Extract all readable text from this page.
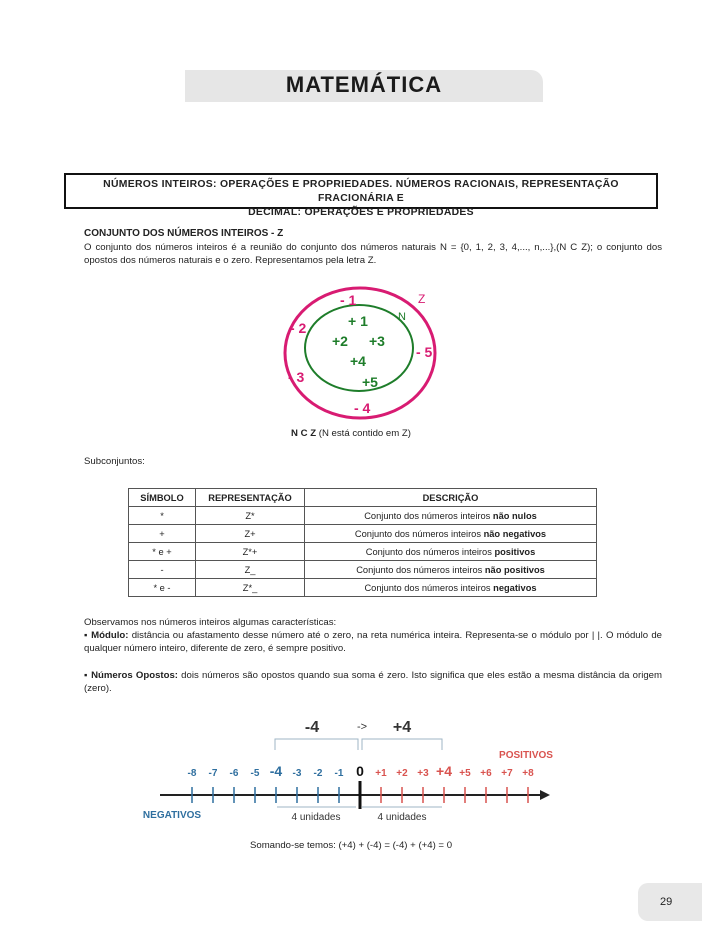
MATEMÁTICA
NÚMEROS INTEIROS: OPERAÇÕES E PROPRIEDADES. NÚMEROS RACIONAIS, REPRESENTAÇÃO FRACIONÁRIA E
DECIMAL: OPERAÇÕES E PROPRIEDADES
CONJUNTO DOS NÚMEROS INTEIROS - Z
O conjunto dos números inteiros é a reunião do conjunto dos números naturais N = {0, 1, 2, 3, 4,..., n,...},(N C Z); o conjunto dos opostos dos números naturais e o zero. Representamos pela letra Z.
Z
N
- 1
- 2
- 3
- 4
- 5
+ 1
+2 +3
+4
+5
N C Z (N está contido em Z)
Subconjuntos:
SÍMBOLO	REPRESENTAÇÃO	DESCRIÇÃO
*	Z*	Conjunto dos números inteiros não nulos
+	Z+	Conjunto dos números inteiros não negativos
* e +	Z*+	Conjunto dos números inteiros positivos
-	Z_	Conjunto dos números inteiros não positivos
* e -	Z*_	Conjunto dos números inteiros negativos
Observamos nos números inteiros algumas características:
▪ Módulo: distância ou afastamento desse número até o zero, na reta numérica inteira. Representa-se o módulo por | |. O módulo de qualquer número inteiro, diferente de zero, é sempre positivo.
▪ Números Opostos: dois números são opostos quando sua soma é zero. Isto significa que eles estão a mesma distância da origem (zero).
-4	-> +4
POSITIVOS
NEGATIVOS
-8 -7 -6 -5 -4 -3 -2 -1	+1 +2 +3 +4 +5 +6 +7 +8
0
4 unidades	4 unidades
Somando-se temos: (+4) + (-4) = (-4) + (+4) = 0
29
